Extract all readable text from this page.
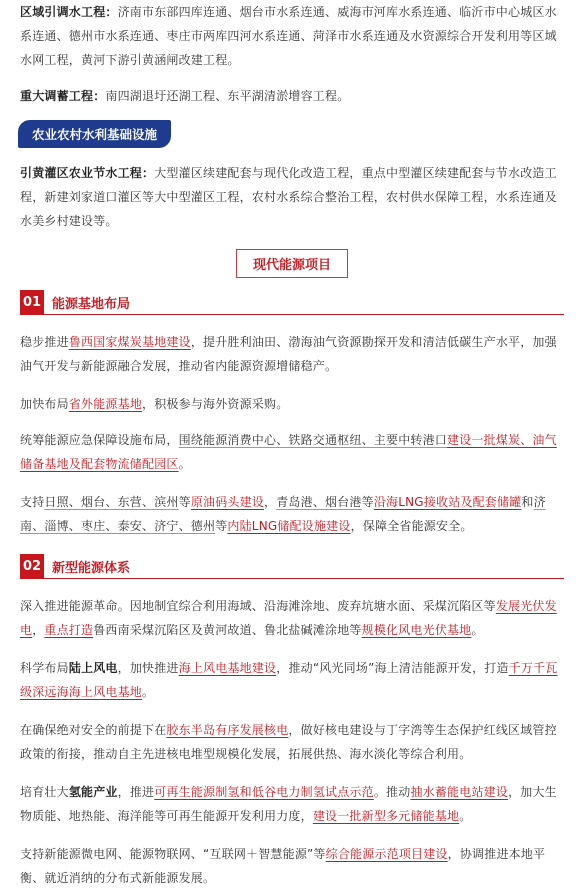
区域引调水工程：济南市东部四库连通、烟台市水系连通、威海市河库水系连通、临沂市中心城区水系连通、德州市水系连通、枣庄市两库四河水系连通、菏泽市水系连通及水资源综合开发利用等区域水网工程，黄河下游引黄涵闸改建工程。

重大调蓄工程：南四湖退圩还湖工程、东平湖清淤增容工程。

农业农村水利基础设施

引黄灌区农业节水工程：大型灌区续建配套与现代化改造工程，重点中型灌区续建配套与节水改造工程，新建刘家道口灌区等大中型灌区工程，农村水系综合整治工程，农村供水保障工程，水系连通及水美乡村建设等。

现代能源项目
01 能源基地布局

稳步推进鲁西国家煤炭基地建设，提升胜利油田、渤海油气资源勘探开发和清洁低碳生产水平，加强油气开发与新能源融合发展，推动省内能源资源增储稳产。

加快布局省外能源基地，积极参与海外资源采购。

统筹能源应急保障设施布局，围绕能源消费中心、铁路交通枢纽、主要中转港口建设一批煤炭、油气储备基地及配套物流储配园区。

支持日照、烟台、东营、滨州等原油码头建设，青岛港、烟台港等沿海LNG接收站及配套储罐和济南、淄博、枣庄、泰安、济宁、德州等内陆LNG储配设施建设，保障全省能源安全。

02 新型能源体系

深入推进能源革命。因地制宜综合利用海域、沿海滩涂地、废弃坑塘水面、采煤沉陷区等发展光伏发电，重点打造鲁西南采煤沉陷区及黄河故道、鲁北盐碱滩涂地等规模化风电光伏基地。

科学布局陆上风电，加快推进海上风电基地建设，推动“风光同场”海上清洁能源开发，打造千万千瓦级深远海海上风电基地。

在确保绝对安全的前提下在胶东半岛有序发展核电，做好核电建设与丁字湾等生态保护红线区域管控政策的衔接，推动自主先进核电堆型规模化发展，拓展供热、海水淡化等综合利用。

培育壮大氢能产业，推进可再生能源制氢和低谷电力制氢试点示范。推动抽水蓄能电站建设，加大生物质能、地热能、海洋能等可再生能源开发利用力度，建设一批新型多元储能基地。

支持新能源微电网、能源物联网、“互联网＋智慧能源”等综合能源示范项目建设，协调推进本地平衡、就近消纳的分布式新能源发展。
